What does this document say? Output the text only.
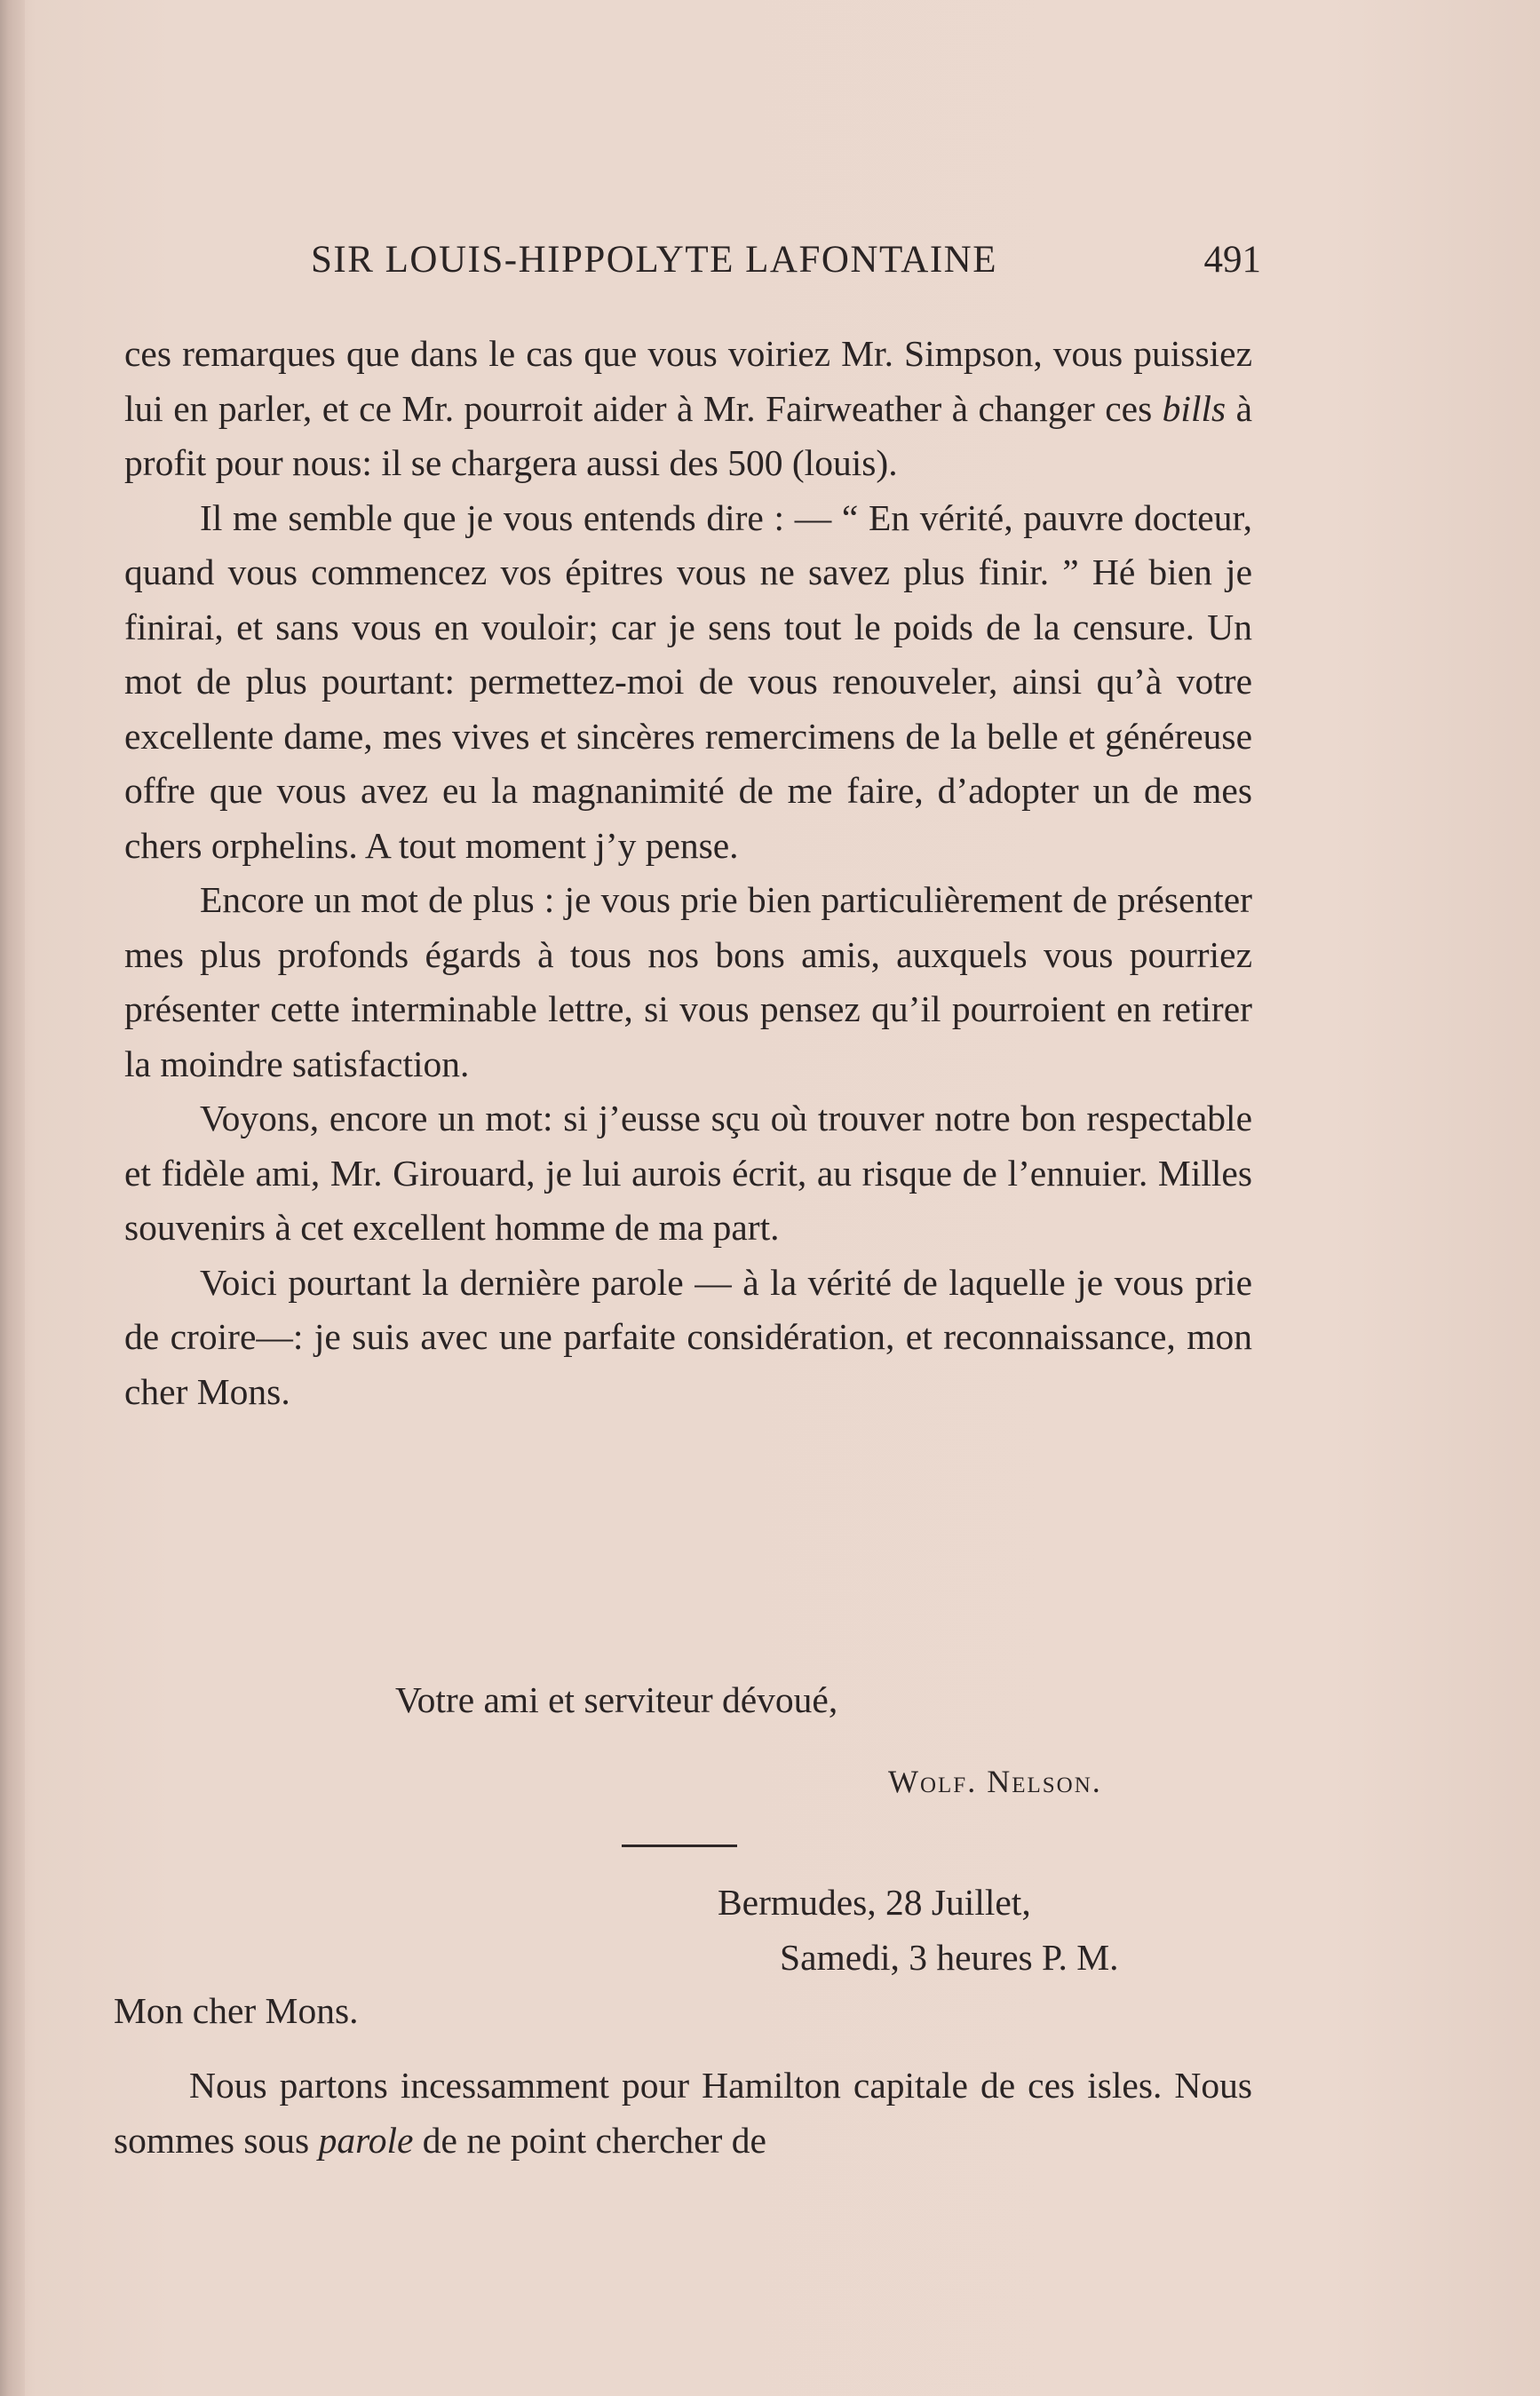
SIR LOUIS-HIPPOLYTE LAFONTAINE	491

ces remarques que dans le cas que vous voiriez Mr. Simpson, vous puissiez lui en parler, et ce Mr. pourroit aider à Mr. Fairweather à changer ces bills à profit pour nous: il se chargera aussi des 500 (louis).

Il me semble que je vous entends dire : — “ En vérité, pauvre docteur, quand vous commencez vos épitres vous ne savez plus finir. ” Hé bien je finirai, et sans vous en vouloir; car je sens tout le poids de la censure. Un mot de plus pourtant: permettez-moi de vous renouveler, ainsi qu’à votre excellente dame, mes vives et sincères remercimens de la belle et généreuse offre que vous avez eu la magnanimité de me faire, d’adopter un de mes chers orphelins. A tout moment j’y pense.

Encore un mot de plus : je vous prie bien particulièrement de présenter mes plus profonds égards à tous nos bons amis, auxquels vous pourriez présenter cette interminable lettre, si vous pensez qu’il pourroient en retirer la moindre satisfaction.

Voyons, encore un mot: si j’eusse sçu où trouver notre bon respectable et fidèle ami, Mr. Girouard, je lui aurois écrit, au risque de l’ennuier. Milles souvenirs à cet excellent homme de ma part.

Voici pourtant la dernière parole — à la vérité de laquelle je vous prie de croire—: je suis avec une parfaite considération, et reconnaissance, mon cher Mons.

Votre ami et serviteur dévoué,
Wolf. Nelson.
Bermudes, 28 Juillet,
Samedi, 3 heures P. M.
Mon cher Mons.

Nous partons incessamment pour Hamilton capitale de ces isles. Nous sommes sous parole de ne point chercher de
